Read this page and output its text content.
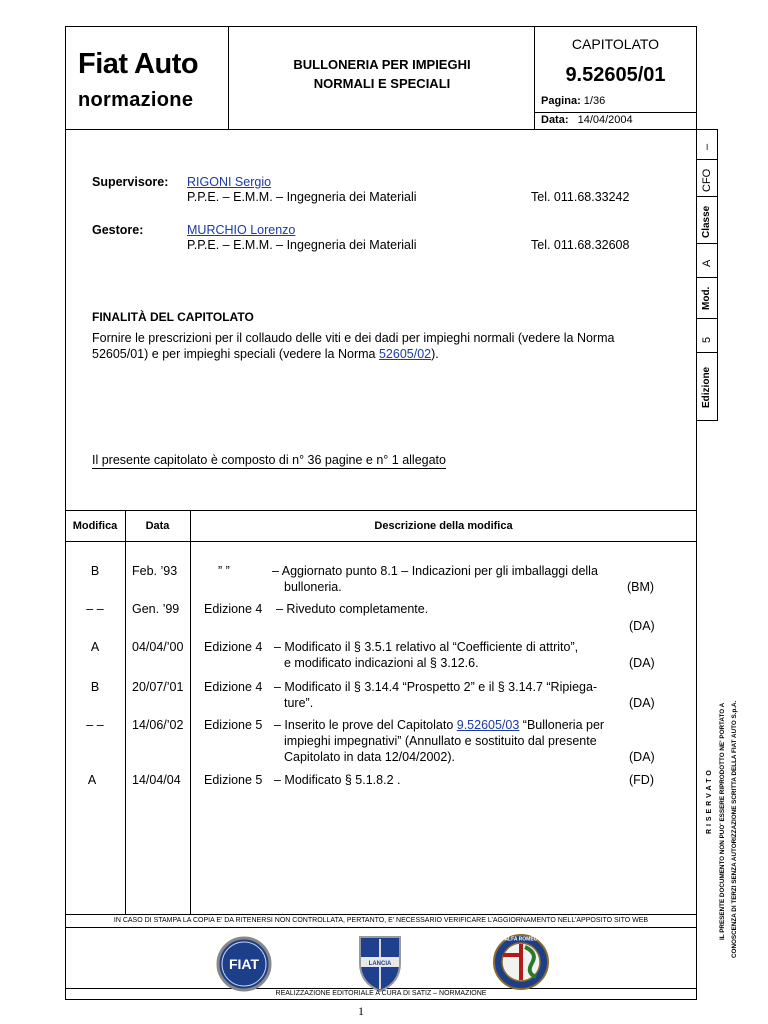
Fiat Auto
normazione
BULLONERIA PER IMPIEGHI
NORMALI E SPECIALI
CAPITOLATO
9.52605/01
Pagina: 1/36
Data: 14/04/2004
–
CFO
Classe
A
Mod.
5
Edizione
Supervisore: RIGONI Sergio
P.P.E. – E.M.M. – Ingegneria dei Materiali	Tel. 011.68.33242
Gestore:	MURCHIO Lorenzo
P.P.E. – E.M.M. – Ingegneria dei Materiali	Tel. 011.68.32608
FINALITÀ DEL CAPITOLATO
Fornire le prescrizioni per il collaudo delle viti e dei dadi per impieghi normali (vedere la Norma
52605/01) e per impieghi speciali (vedere la Norma 52605/02).
Il presente capitolato è composto di n° 36 pagine e n° 1 allegato
Modifica	Data	Descrizione della modifica
B	Feb. ’93	” ”	– Aggiornato punto 8.1 – Indicazioni per gli imballaggi della
bulloneria.	(BM)
– –	Gen. ’99 Edizione 4 – Riveduto completamente.
(DA)
A	04/04/’00 Edizione 4 – Modificato il § 3.5.1 relativo al “Coefficiente di attrito”,
e modificato indicazioni al § 3.12.6.	(DA)
B	20/07/’01 Edizione 4 – Modificato il § 3.14.4 “Prospetto 2” e il § 3.14.7 “Ripiega-
ture”.	(DA)
– –	14/06/’02 Edizione 5 – Inserito le prove del Capitolato 9.52605/03 “Bulloneria per
impieghi impegnativi” (Annullato e sostituito dal presente
Capitolato in data 12/04/2002).	(DA)
A	14/04/04 Edizione 5 – Modificato § 5.1.8.2 .	(FD)
IN CASO DI STAMPA LA COPIA E’ DA RITENERSI NON CONTROLLATA, PERTANTO, E’ NECESSARIO VERIFICARE L’AGGIORNAMENTO NELL’APPOSITO SITO WEB
FIAT	LANCIA
ALFA ROMEO
REALIZZAZIONE EDITORIALE A CURA DI SATIZ – NORMAZIONE
1
R I S E R V A T O IL PRESENTE DOCUMENTO NON PUO' ESSERE RIPRODOTTO NE' PORTATO A CONOSCENZA DI TERZI SENZA AUTORIZZAZIONE SCRITTA DELLA FIAT AUTO S.p.A.
